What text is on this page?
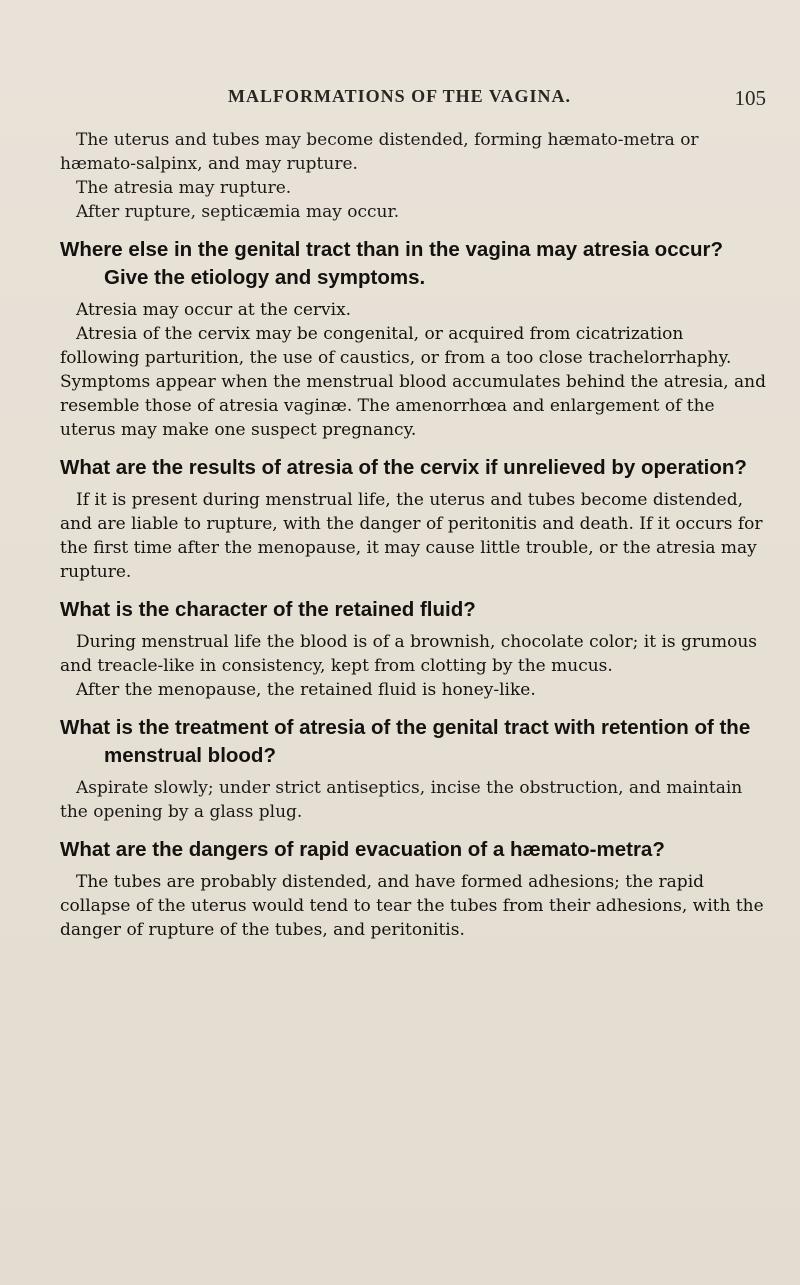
MALFORMATIONS OF THE VAGINA.	105

The uterus and tubes may become distended, forming hæmato-metra or hæmato-salpinx, and may rupture.

The atresia may rupture.

After rupture, septicæmia may occur.

Where else in the genital tract than in the vagina may atresia occur? Give the etiology and symptoms.

Atresia may occur at the cervix.

Atresia of the cervix may be congenital, or acquired from cicatrization following parturition, the use of caustics, or from a too close trachelorrhaphy. Symptoms appear when the menstrual blood accumulates behind the atresia, and resemble those of atresia vaginæ. The amenorrhœa and enlargement of the uterus may make one suspect pregnancy.

What are the results of atresia of the cervix if unrelieved by operation?

If it is present during menstrual life, the uterus and tubes become distended, and are liable to rupture, with the danger of peritonitis and death. If it occurs for the first time after the menopause, it may cause little trouble, or the atresia may rupture.

What is the character of the retained fluid?

During menstrual life the blood is of a brownish, chocolate color; it is grumous and treacle-like in consistency, kept from clotting by the mucus.

After the menopause, the retained fluid is honey-like.

What is the treatment of atresia of the genital tract with retention of the menstrual blood?

Aspirate slowly; under strict antiseptics, incise the obstruction, and maintain the opening by a glass plug.

What are the dangers of rapid evacuation of a hæmato-metra?

The tubes are probably distended, and have formed adhesions; the rapid collapse of the uterus would tend to tear the tubes from their adhesions, with the danger of rupture of the tubes, and peritonitis.
